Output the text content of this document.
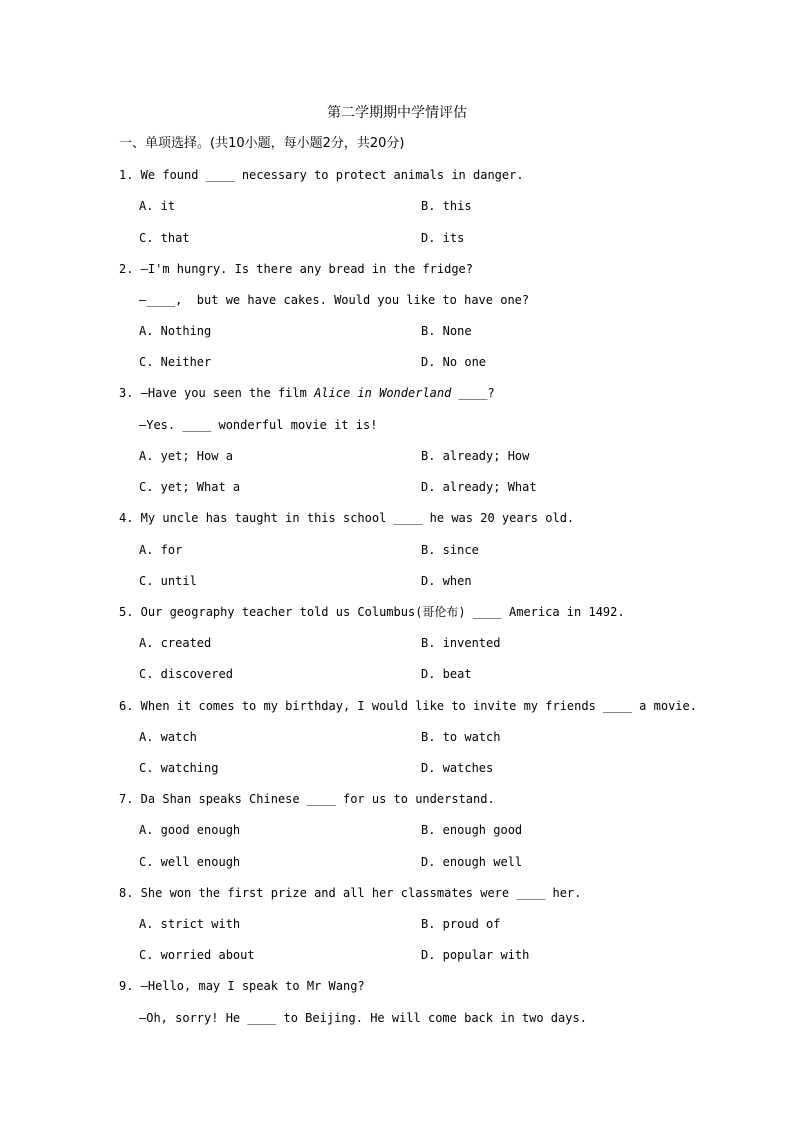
第二学期期中学情评估
一、单项选择。(共10小题，每小题2分，共20分)
1. We found ____ necessary to protect animals in danger.
A. it	B. this
C. that	D. its
2. —I'm hungry. Is there any bread in the fridge?
—____,  but we have cakes. Would you like to have one?
A. Nothing	B. None
C. Neither	D. No one
3. —Have you seen the film Alice in Wonderland ____?
—Yes. ____ wonderful movie it is!
A. yet; How a	B. already; How
C. yet; What a	D. already; What
4. My uncle has taught in this school ____ he was 20 years old.
A. for	B. since
C. until	D. when
5. Our geography teacher told us Columbus(哥伦布) ____ America in 1492.
A. created	B. invented
C. discovered	D. beat
6. When it comes to my birthday, I would like to invite my friends ____ a movie.
A. watch	B. to watch
C. watching	D. watches
7. Da Shan speaks Chinese ____ for us to understand.
A. good enough	B. enough good
C. well enough	D. enough well
8. She won the first prize and all her classmates were ____ her.
A. strict with	B. proud of
C. worried about	D. popular with
9. —Hello, may I speak to Mr Wang?
—Oh, sorry! He ____ to Beijing. He will come back in two days.
